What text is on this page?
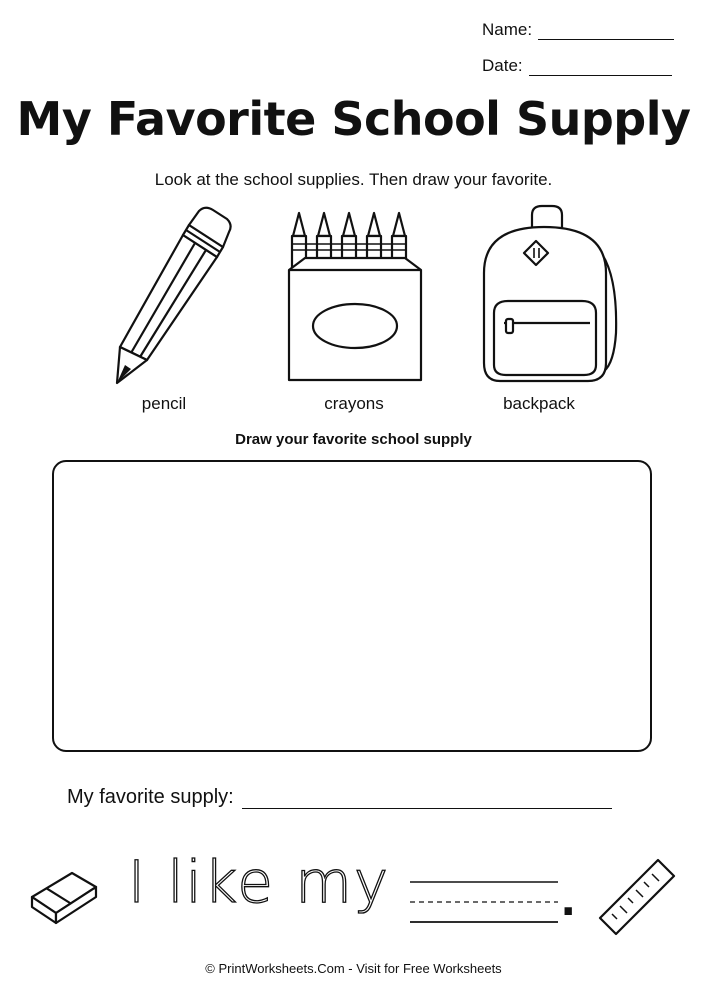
Name:
Date:
My Favorite School Supply
Look at the school supplies. Then draw your favorite.
pencil	crayons	backpack
Draw your favorite school supply
My favorite supply:
I like my	.
© PrintWorksheets.Com - Visit for Free Worksheets
